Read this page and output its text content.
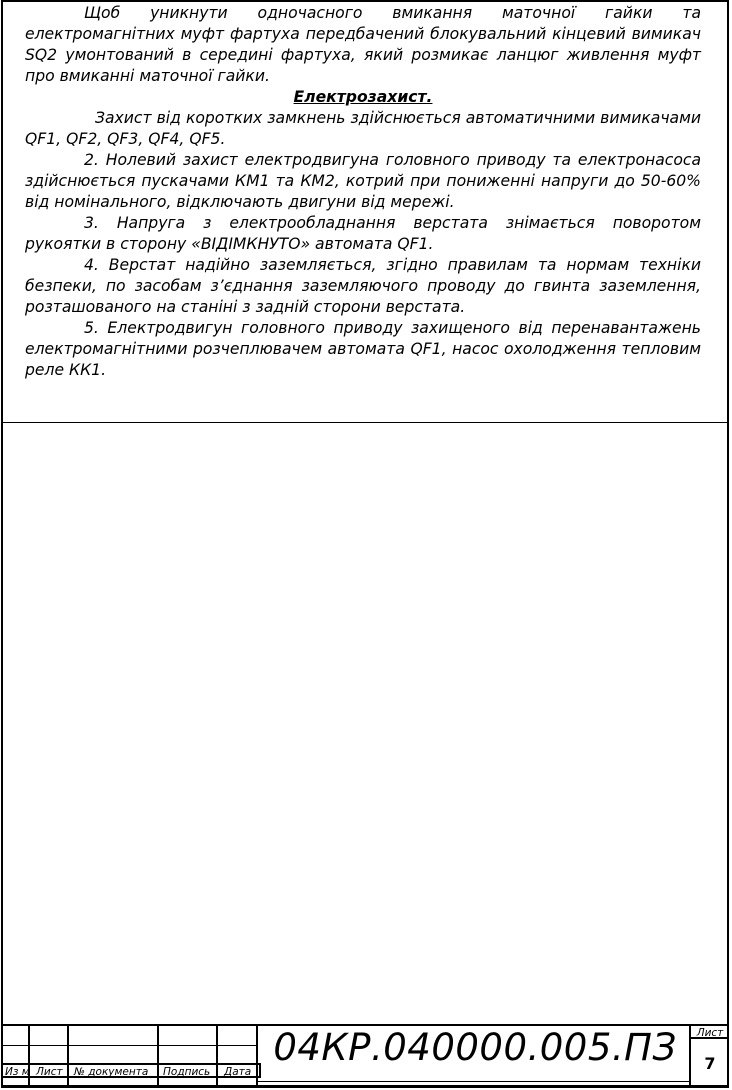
Щоб уникнути одночасного вмикання маточної гайки та електромагнітних муфт фартуха передбачений блокувальний кінцевий вимикач SQ2 умонтований в середині фартуха, який розмикає ланцюг живлення муфт про вмиканні маточної гайки.

Електрозахист.

Захист від коротких замкнень здійснюється автоматичними вимикачами QF1, QF2, QF3, QF4, QF5.

2. Нолевий захист електродвигуна головного приводу та електронасоса здійснюється пускачами КМ1 та КМ2, котрий при пониженні напруги до 50-60% від номінального, відключають двигуни від мережі.

3. Напруга з електрообладнання верстата знімається поворотом рукоятки в сторону «ВІДІМКНУТО» автомата QF1.

4. Верстат надійно заземляється, згідно правилам та нормам техніки безпеки, по засобам з’єднання заземляючого проводу до гвинта заземлення, розташованого на станіні з задній сторони верстата.

5. Електродвигун головного приводу захищеного від перенавантажень електромагнітними розчеплювачем автомата QF1, насос охолодження тепловим реле КК1.

Из м Лист № документа Подпись Дата
04КР.040000.005.ПЗ	Лист
7
